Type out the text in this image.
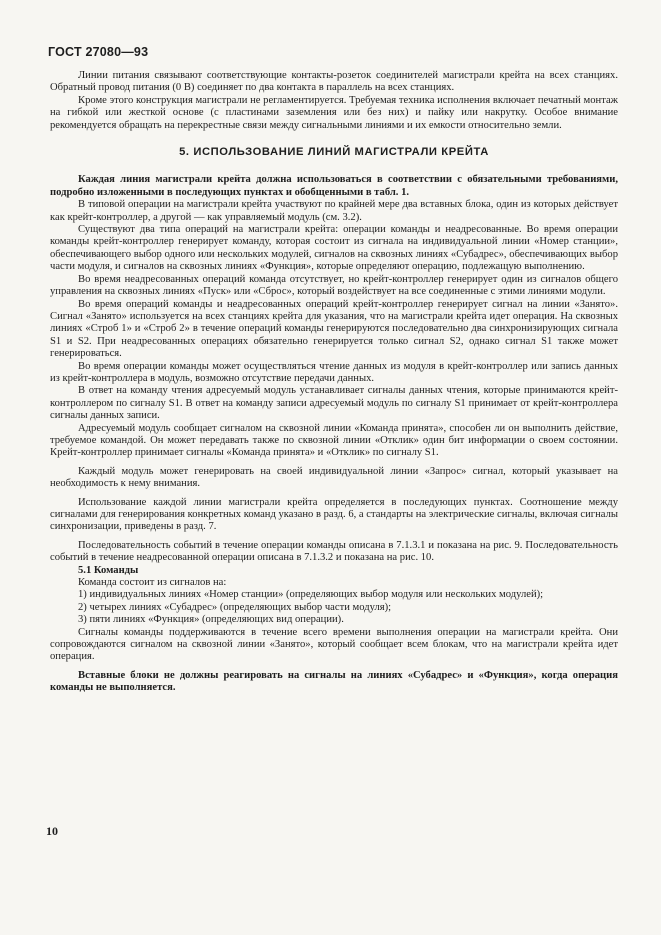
ГОСТ 27080—93

Линии питания связывают соответствующие контакты-розеток соединителей магистрали крейта на всех станциях. Обратный провод питания (0 В) соединяет по два контакта в параллель на всех станциях.

Кроме этого конструкция магистрали не регламентируется. Требуемая техника исполнения включает печатный монтаж на гибкой или жесткой основе (с пластинами заземления или без них) и пайку или накрутку. Особое внимание рекомендуется обращать на перекрестные связи между сигнальными линиями и их емкости относительно земли.

5. ИСПОЛЬЗОВАНИЕ ЛИНИЙ МАГИСТРАЛИ КРЕЙТА

Каждая линия магистрали крейта должна использоваться в соответствии с обязательными требованиями, подробно изложенными в последующих пунктах и обобщенными в табл. 1.

В типовой операции на магистрали крейта участвуют по крайней мере два вставных блока, один из которых действует как крейт-контроллер, а другой — как управляемый модуль (см. 3.2).

Существуют два типа операций на магистрали крейта: операции команды и неадресованные. Во время операции команды крейт-контроллер генерирует команду, которая состоит из сигнала на индивидуальной линии «Номер станции», обеспечивающего выбор одного или нескольких модулей, сигналов на сквозных линиях «Субадрес», обеспечивающих выбор части модуля, и сигналов на сквозных линиях «Функция», которые определяют операцию, подлежащую выполнению.

Во время неадресованных операций команда отсутствует, но крейт-контроллер генерирует один из сигналов общего управления на сквозных линиях «Пуск» или «Сброс», который воздействует на все соединенные с этими линиями модули.

Во время операций команды и неадресованных операций крейт-контроллер генерирует сигнал на линии «Занято». Сигнал «Занято» используется на всех станциях крейта для указания, что на магистрали крейта идет операция. На сквозных линиях «Строб 1» и «Строб 2» в течение операций команды генерируются последовательно два синхронизирующих сигнала S1 и S2. При неадресованных операциях обязательно генерируется только сигнал S2, однако сигнал S1 также может генерироваться.

Во время операции команды может осуществляться чтение данных из модуля в крейт-контроллер или запись данных из крейт-контроллера в модуль, возможно отсутствие передачи данных.

В ответ на команду чтения адресуемый модуль устанавливает сигналы данных чтения, которые принимаются крейт-контроллером по сигналу S1. В ответ на команду записи адресуемый модуль по сигналу S1 принимает от крейт-контроллера сигналы данных записи.

Адресуемый модуль сообщает сигналом на сквозной линии «Команда принята», способен ли он выполнить действие, требуемое командой. Он может передавать также по сквозной линии «Отклик» один бит информации о своем состоянии. Крейт-контроллер принимает сигналы «Команда принята» и «Отклик» по сигналу S1.

Каждый модуль может генерировать на своей индивидуальной линии «Запрос» сигнал, который указывает на необходимость к нему внимания.

Использование каждой линии магистрали крейта определяется в последующих пунктах. Соотношение между сигналами для генерирования конкретных команд указано в разд. 6, а стандарты на электрические сигналы, включая сигналы синхронизации, приведены в разд. 7.

Последовательность событий в течение операции команды описана в 7.1.3.1 и показана на рис. 9. Последовательность событий в течение неадресованной операции описана в 7.1.3.2 и показана на рис. 10.

5.1 Команды

Команда состоит из сигналов на:

1) индивидуальных линиях «Номер станции» (определяющих выбор модуля или нескольких модулей);

2) четырех линиях «Субадрес» (определяющих выбор части модуля);

3) пяти линиях «Функция» (определяющих вид операции).

Сигналы команды поддерживаются в течение всего времени выполнения операции на магистрали крейта. Они сопровождаются сигналом на сквозной линии «Занято», который сообщает всем блокам, что на магистрали крейта идет операция.

Вставные блоки не должны реагировать на сигналы на линиях «Субадрес» и «Функция», когда операция команды не выполняется.

10
